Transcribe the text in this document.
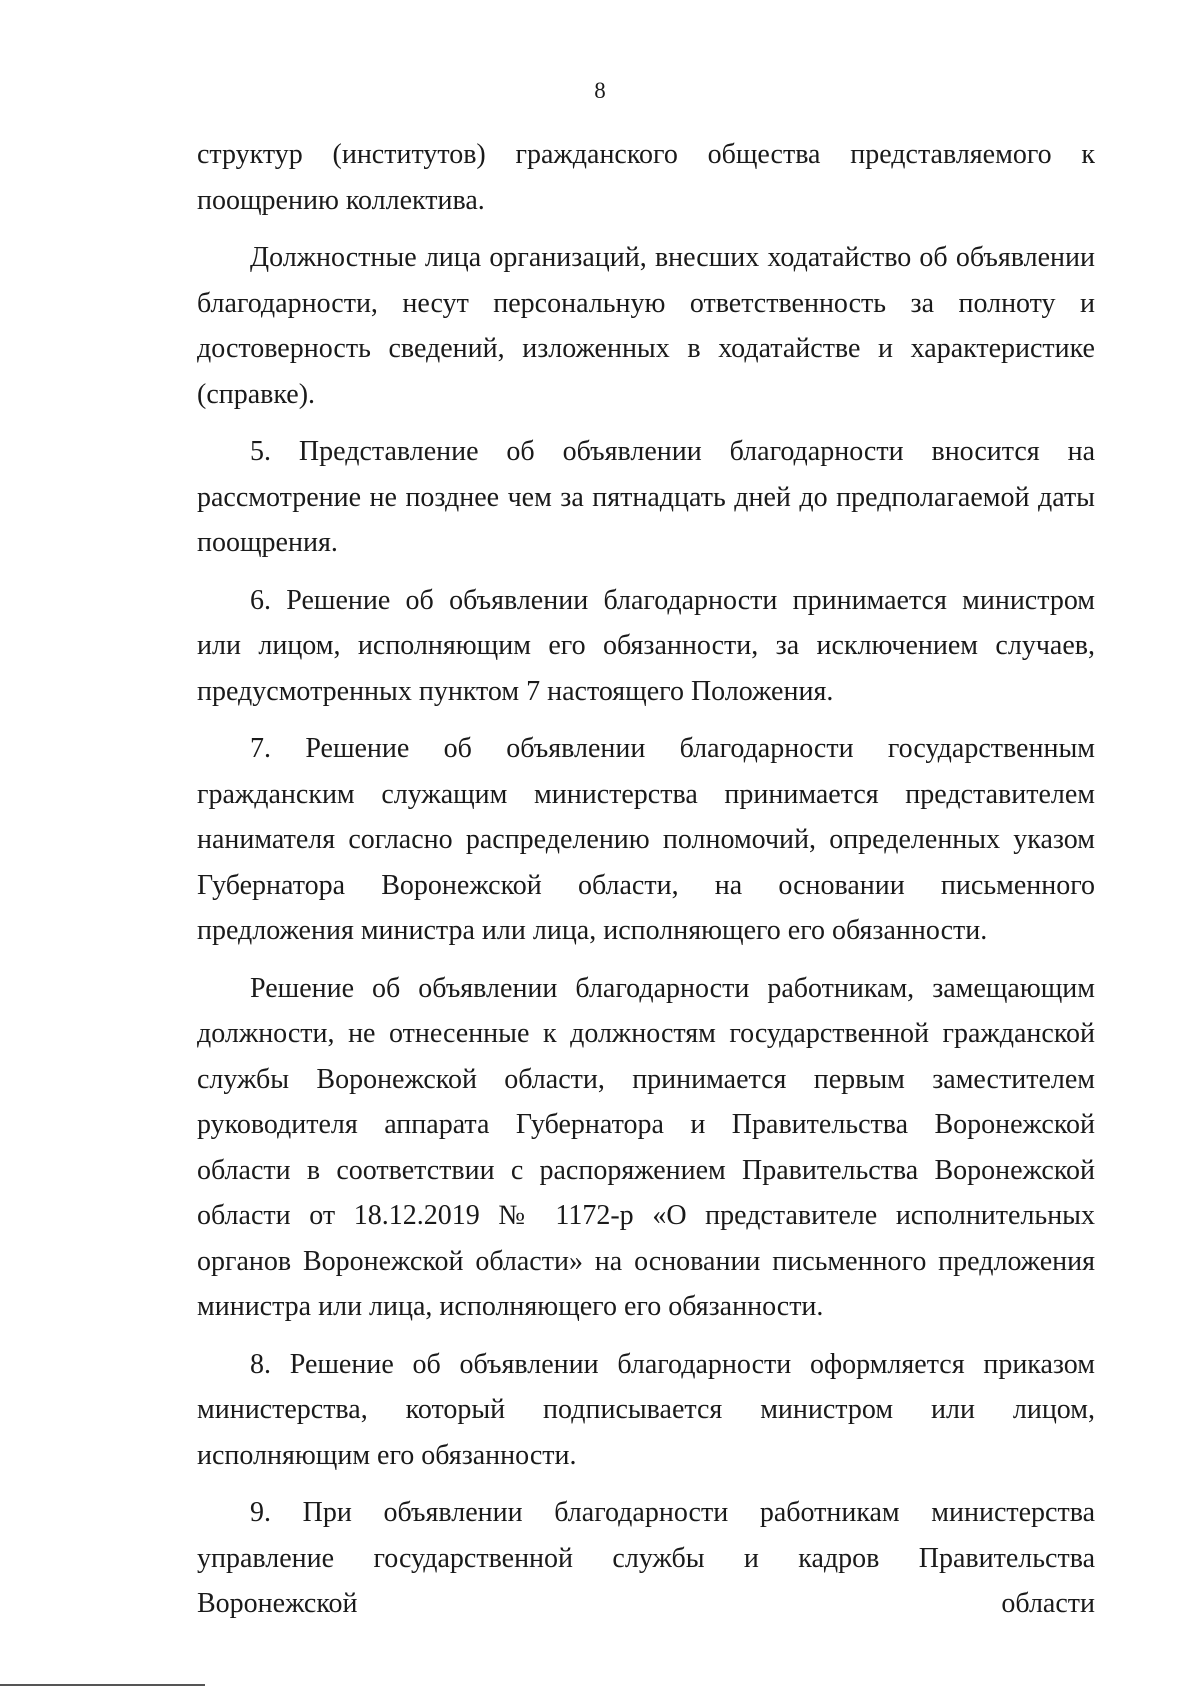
8

структур (институтов) гражданского общества представляемого к поощрению коллектива.

Должностные лица организаций, внесших ходатайство об объявлении благодарности, несут персональную ответственность за полноту и достоверность сведений, изложенных в ходатайстве и характеристике (справке).

5. Представление об объявлении благодарности вносится на рассмотрение не позднее чем за пятнадцать дней до предполагаемой даты поощрения.

6. Решение об объявлении благодарности принимается министром или лицом, исполняющим его обязанности, за исключением случаев, предусмотренных пунктом 7 настоящего Положения.

7. Решение об объявлении благодарности государственным гражданским служащим министерства принимается представителем нанимателя согласно распределению полномочий, определенных указом Губернатора Воронежской области, на основании письменного предложения министра или лица, исполняющего его обязанности.

Решение об объявлении благодарности работникам, замещающим должности, не отнесенные к должностям государственной гражданской службы Воронежской области, принимается первым заместителем руководителя аппарата Губернатора и Правительства Воронежской области в соответствии с распоряжением Правительства Воронежской области от 18.12.2019 № 1172-р «О представителе исполнительных органов Воронежской области» на основании письменного предложения министра или лица, исполняющего его обязанности.

8. Решение об объявлении благодарности оформляется приказом министерства, который подписывается министром или лицом, исполняющим его обязанности.

9. При объявлении благодарности работникам министерства управление государственной службы и кадров Правительства Воронежской области
